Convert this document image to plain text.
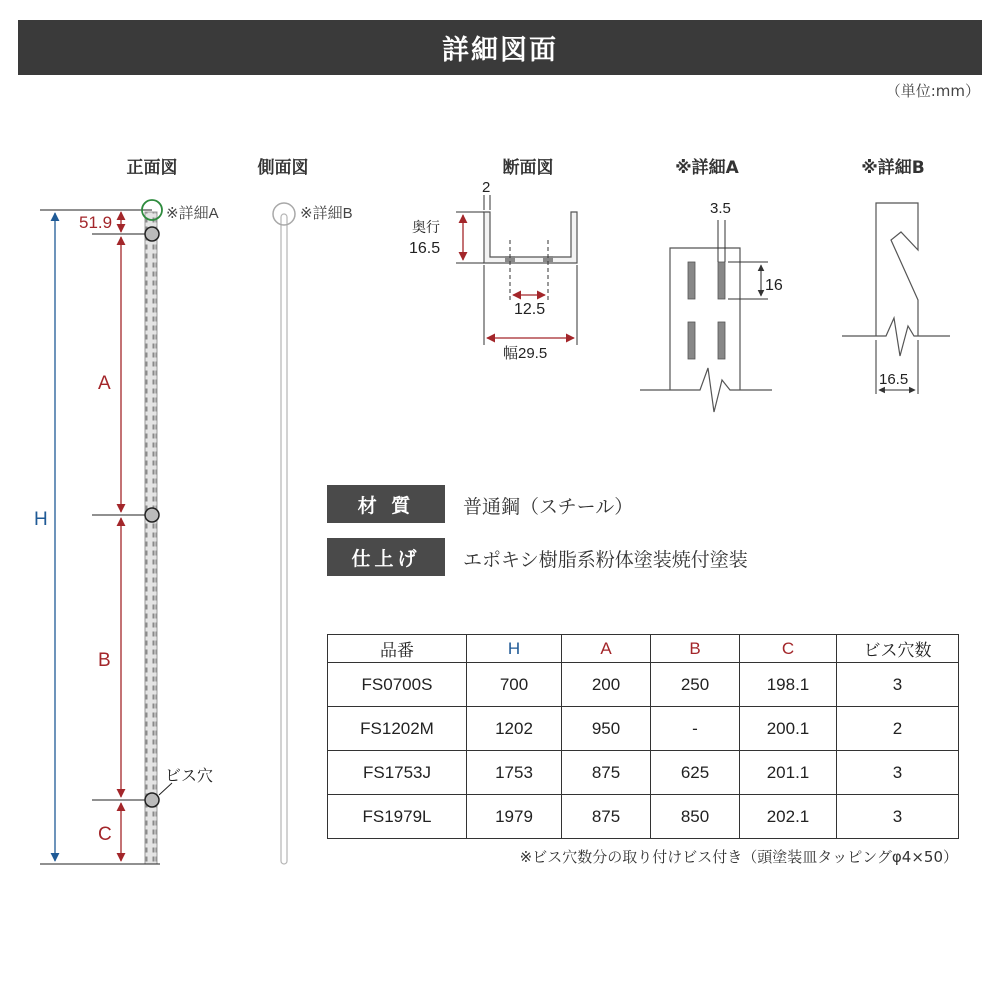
詳細図面
（単位:mm）
正面図	側面図	断面図	※詳細A	※詳細B
51.9
H
A
B
C
※詳細A
ビス穴
※詳細B
2
奥行
16.5
12.5
幅29.5
3.5
16
16.5
材 質	普通鋼（スチール）
仕上げ	エポキシ樹脂系粉体塗装焼付塗装
品番	H	A	B	C	ビス穴数
FS0700S	700	200	250	198.1	3
FS1202M	1202	950	-	200.1	2
FS1753J	1753	875	625	201.1	3
FS1979L	1979	875	850	202.1	3
※ビス穴数分の取り付けビス付き（頭塗装皿タッピングφ4×50）
